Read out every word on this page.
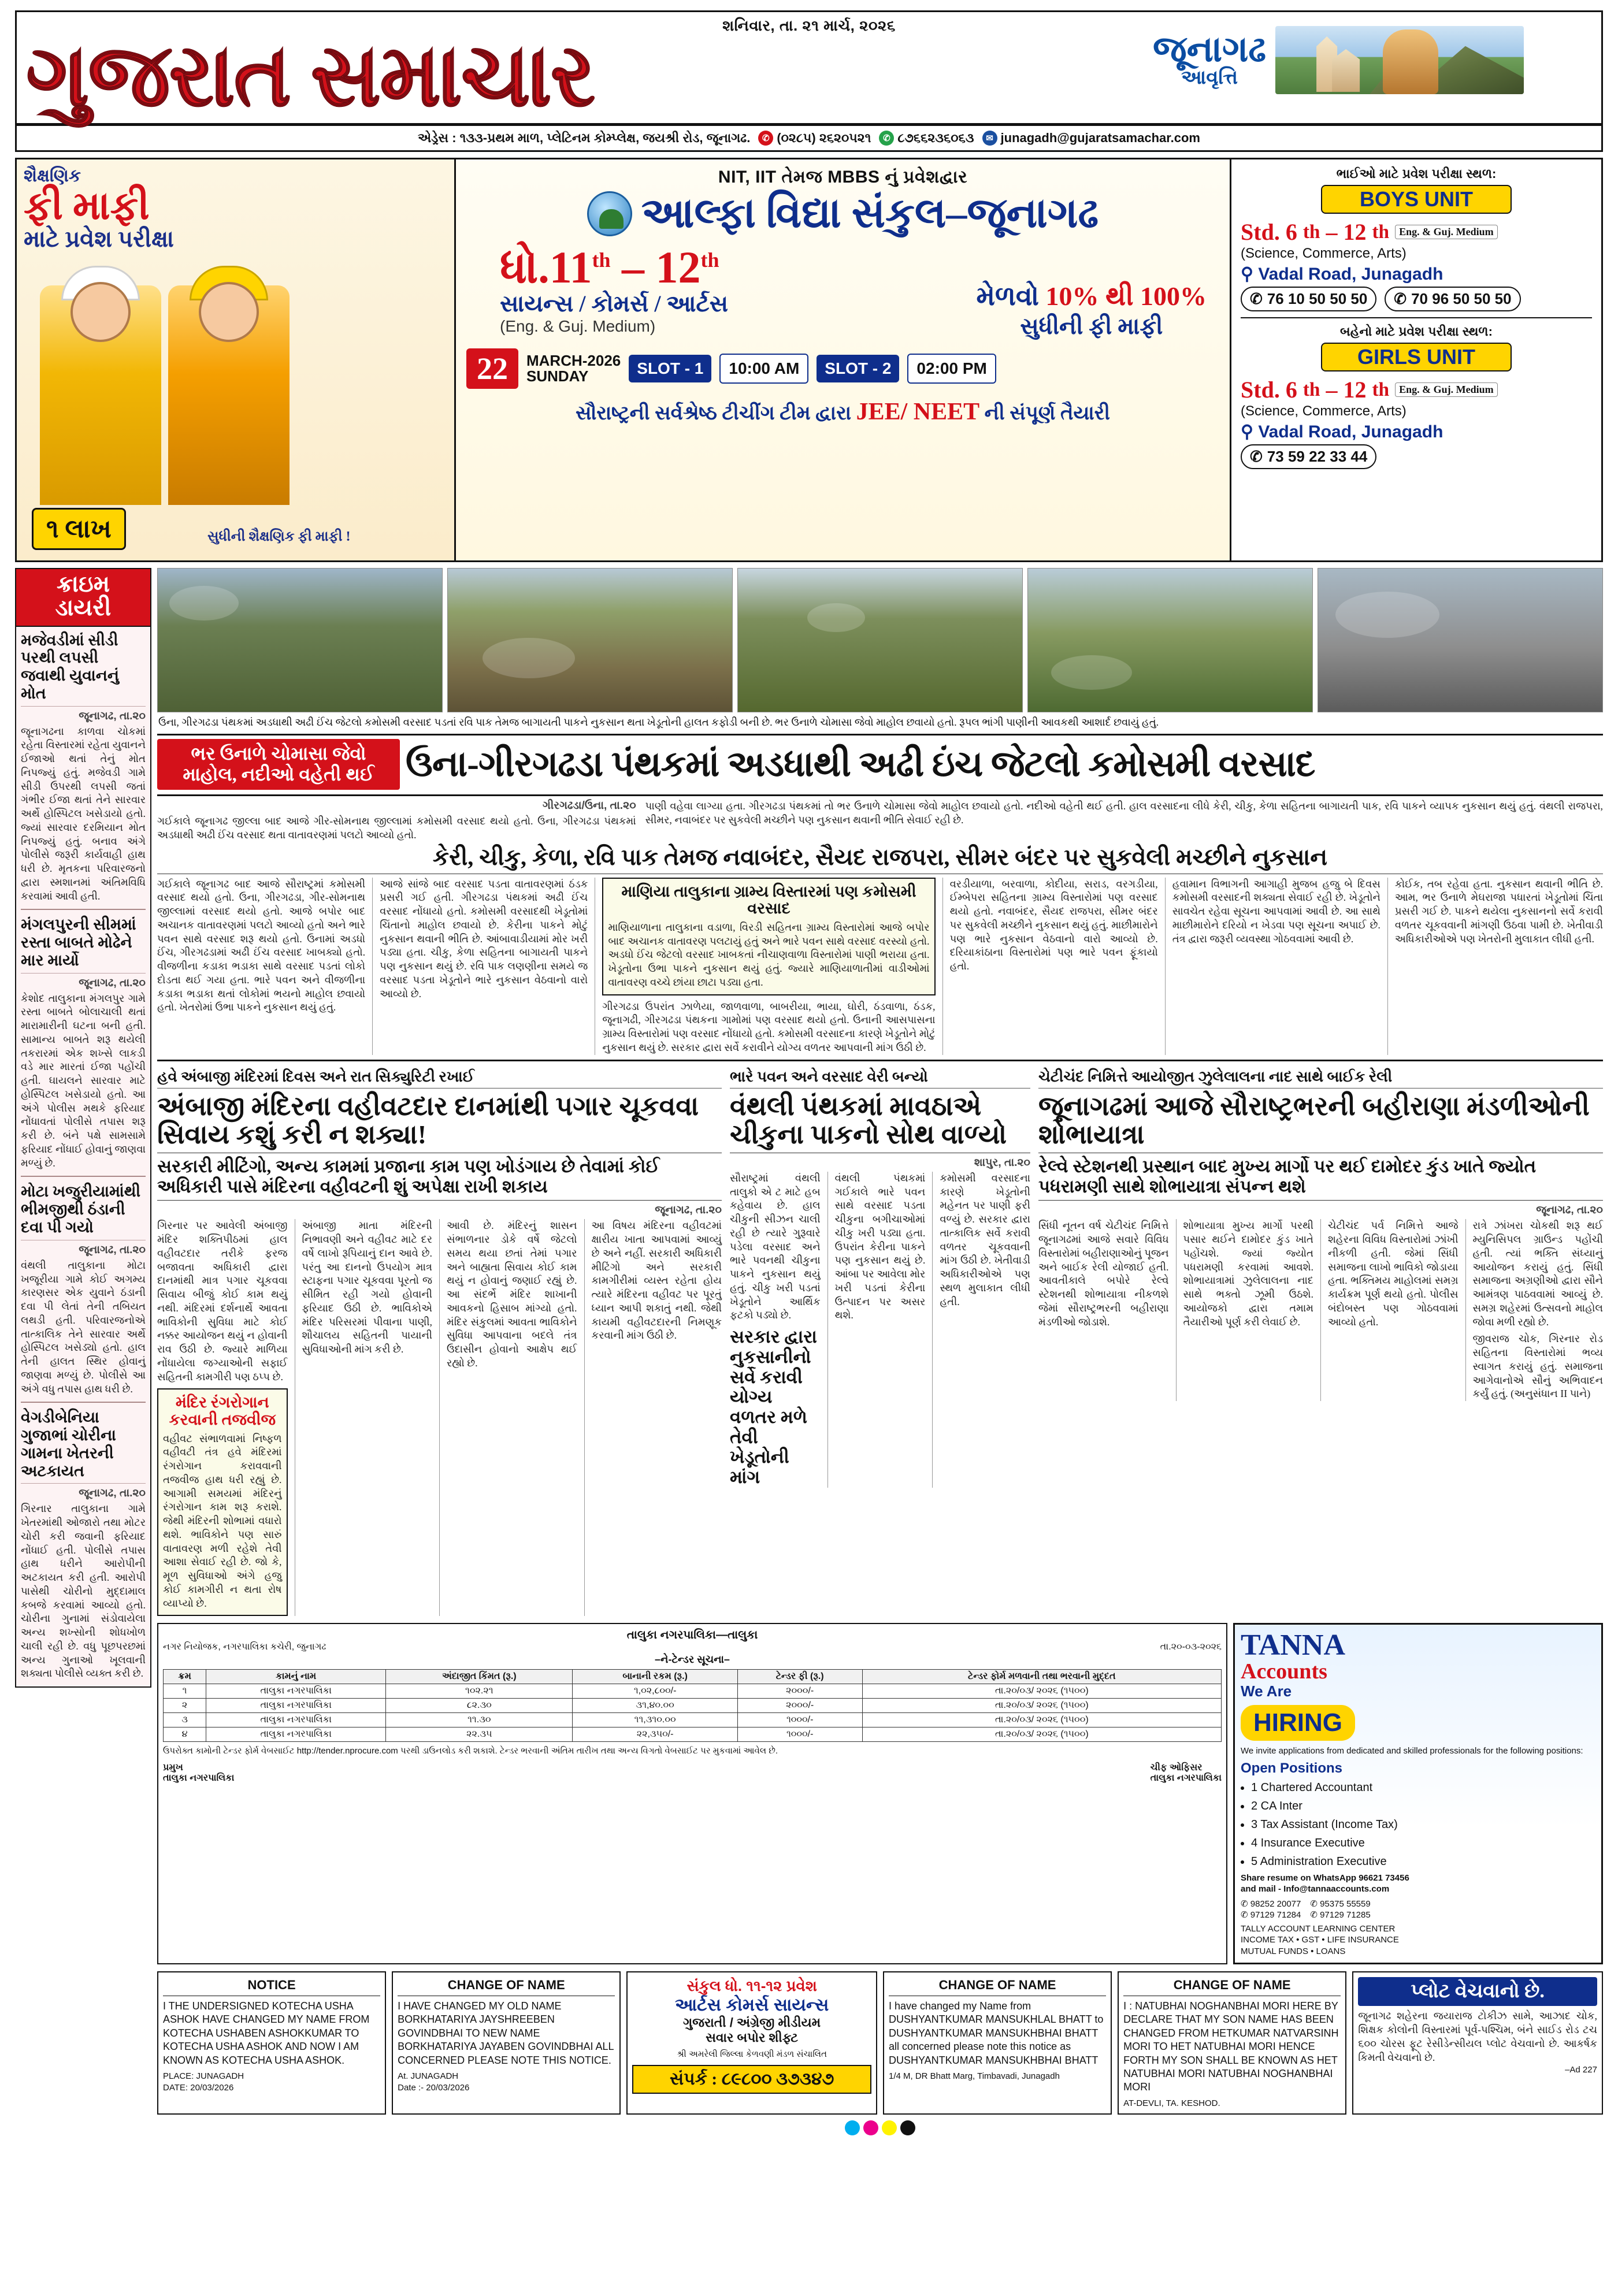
શનિવાર, તા. ૨૧ માર્ચ, ૨૦૨૬
ગુજરાત સમાચાર	જૂનાગઢ
આવૃત્તિ
એડ્રેસ : ૧૩૩-પ્રથમ માળ, પ્લેટિનમ કોમ્પ્લેક્ષ, જયશ્રી રોડ, જૂનાગઢ.	✆ (૦૨૮૫) ૨૬૨૦૫૨૧	✆ ૮૭૬૬૨૩૬૦૬૩	✉ junagadh@gujaratsamachar.com
શૈક્ષણિક
ફી માફી
માટે પ્રવેશ પરીક્ષા
૧ લાખ	સુધીની શૈક્ષણિક ફી માફી !
NIT, IIT તેમજ MBBS નું પ્રવેશદ્વાર
આલ્ફા વિદ્યા સંકુલ–જૂનાગઢ
ધો.11th – 12th
સાયન્સ / કોમર્સ / આર્ટસ
(Eng. & Guj. Medium)
મેળવો 10% થી 100%
સુધીની ફી માફી
22	MARCH-2026
SUNDAY	SLOT - 1	10:00 AM	SLOT - 2	02:00 PM
સૌરાષ્ટ્રની સર્વશ્રેષ્ઠ ટીચીંગ ટીમ દ્વારા JEE/ NEET ની સંપૂર્ણ તૈયારી
ભાઈઓ માટે પ્રવેશ પરીક્ષા સ્થળ:
BOYS UNIT
Std. 6 th – 12 th Eng. & Guj. Medium
(Science, Commerce, Arts)
⚲ Vadal Road, Junagadh
✆ 76 10 50 50 50 ✆ 70 96 50 50 50
બહેનો માટે પ્રવેશ પરીક્ષા સ્થળ:
GIRLS UNIT
Std. 6 th – 12 th Eng. & Guj. Medium
(Science, Commerce, Arts)
⚲ Vadal Road, Junagadh
✆ 73 59 22 33 44
ક્રાઇમ
ડાયરી
મજેવડીમાં સીડી પરથી લપસી જવાથી યુવાનનું મોત
જૂનાગઢ, તા.૨૦
જૂનાગઢના કાળવા ચોકમાં રહેતા વિસ્તારમાં રહેતા યુવાનને ઈજાઓ થતાં તેનું મોત નિપજ્યું હતું. મજેવડી ગામે સીડી ઉપરથી લપસી જતાં ગંભીર ઈજા થતાં તેને સારવાર અર્થે હોસ્પિટલ ખસેડાયો હતો. જ્યાં સારવાર દરમિયાન મોત નિપજ્યું હતું. બનાવ અંગે પોલીસે જરૂરી કાર્યવાહી હાથ ધરી છે. મૃતકના પરિવારજનો દ્વારા સ્મશાનમાં અંતિમવિધિ કરવામાં આવી હતી.
મંગલપુરની સીમમાં રસ્તા બાબતે મોઢેને માર માર્યો
જૂનાગઢ, તા.૨૦
કેશોદ તાલુકાના મંગલપુર ગામે રસ્તા બાબતે બોલાચાલી થતાં મારામારીની ઘટના બની હતી. સામાન્ય બાબતે શરૂ થયેલી તકરારમાં એક શખ્સે લાકડી વડે માર મારતાં ઈજા પહોંચી હતી. ઘાયલને સારવાર માટે હોસ્પિટલ ખસેડાયો હતો. આ અંગે પોલીસ મથકે ફરિયાદ નોંધાવતાં પોલીસે તપાસ શરૂ કરી છે. બંને પક્ષે સામસામે ફરિયાદ નોંધાઈ હોવાનું જાણવા મળ્યું છે.
મોટા ખજુરીયામાંથી ભીમજીથી ઠંડાની દવા પી ગયો
જૂનાગઢ, તા.૨૦
વંથલી તાલુકાના મોટા ખજૂરીયા ગામે કોઈ અગમ્ય કારણસર એક યુવાને ઠંડાની દવા પી લેતાં તેની તબિયત લથડી હતી. પરિવારજનોએ તાત્કાલિક તેને સારવાર અર્થે હોસ્પિટલ ખસેડ્યો હતો. હાલ તેની હાલત સ્થિર હોવાનું જાણવા મળ્યું છે. પોલીસે આ અંગે વધુ તપાસ હાથ ધરી છે.
વેગડીબેનિયા ગુજાભાં ચોરીના ગામના ખેતરની અટકાયત
જૂનાગઢ, તા.૨૦
ગિરનાર તાલુકાના ગામે ખેતરમાંથી ઓજારો તથા મોટર ચોરી કરી જવાની ફરિયાદ નોંધાઈ હતી. પોલીસે તપાસ હાથ ધરીને આરોપીની અટકાયત કરી હતી. આરોપી પાસેથી ચોરીનો મુદ્દામાલ કબજે કરવામાં આવ્યો હતો. ચોરીના ગુનામાં સંડોવાયેલા અન્ય શખ્સોની શોધખોળ ચાલી રહી છે. વધુ પૂછપરછમાં અન્ય ગુનાઓ ખૂલવાની શક્યતા પોલીસે વ્યક્ત કરી છે.
ઉના, ગીરગઢડા પંથકમાં અડધાથી અઢી ઈંચ જેટલો કમોસમી વરસાદ પડતાં રવિ પાક તેમજ બાગાયતી પાકને નુકસાન થતા ખેડૂતોની હાલત કફોડી બની છે. ભર ઉનાળે ચોમાસા જેવો માહોલ છવાયો હતો. રૂપલ ભાંગી પાણીની આવકથી આશાર્દ છવાયું હતું.
ભર ઉનાળે ચોમાસા જેવો માહોલ, નદીઓ વહેતી થઈ ઉના-ગીરગઢડા પંથકમાં અડધાથી અઢી ઇંચ જેટલો કમોસમી વરસાદ
ગીરગઢડા/ઉના, તા.૨૦
ગઈકાલે જૂનાગઢ જીલ્લા બાદ આજે ગીર-સોમનાથ જીલ્લામાં કમોસમી વરસાદ થયો હતો. ઉના, ગીરગઢડા પંથકમાં અડધાથી અઢી ઈંચ વરસાદ થતા વાતાવરણમાં પલટો આવ્યો હતો.
પાણી વહેવા લાગ્યા હતા. ગીરગઢડા પંથકમાં તો ભર ઉનાળે ચોમાસા જેવો માહોલ છવાયો હતો. નદીઓ વહેતી થઈ હતી. હાલ વરસાદના લીધે કેરી, ચીકુ, કેળા સહિતના બાગાયતી પાક, રવિ પાકને વ્યાપક નુકસાન થયું હતું. વંથલી રાજપરા, સીમર, નવાબંદર પર સુકવેલી મચ્છીને પણ નુકસાન થવાની ભીતિ સેવાઈ રહી છે.
કેરી, ચીકુ, કેળા, રવિ પાક તેમજ નવાબંદર, સૈયદ રાજપરા, સીમર બંદર પર સુકવેલી મચ્છીને નુકસાન
ગઈકાલે જૂનાગઢ બાદ આજે સૌરાષ્ટ્રમાં કમોસમી વરસાદ થયો હતો. ઉના, ગીરગઢડા, ગીર-સોમનાથ જીલ્લામાં વરસાદ થયો હતો. આજે બપોર બાદ અચાનક વાતાવરણમાં પલટો આવ્યો હતો અને ભારે પવન સાથે વરસાદ શરૂ થયો હતો. ઉનામાં અડધો ઈંચ, ગીરગઢડામાં અઢી ઈંચ વરસાદ ખાબક્યો હતો. વીજળીના કડાકા ભડાકા સાથે વરસાદ પડતાં લોકો દોડતા થઈ ગયા હતા. ભારે પવન અને વીજળીના કડાકા ભડાકા થતાં લોકોમાં ભયનો માહોલ છવાયો હતો. ખેતરોમાં ઉભા પાકને નુકસાન થયું હતું.
આજે સાંજે બાદ વરસાદ પડતા વાતાવરણમાં ઠંડક પ્રસરી ગઈ હતી. ગીરગઢડા પંથકમાં અઢી ઈંચ વરસાદ નોંધાયો હતો. કમોસમી વરસાદથી ખેડૂતોમાં ચિંતાનો માહોલ છવાયો છે. કેરીના પાકને મોટું નુકસાન થવાની ભીતિ છે. આંબાવાડીયામાં મોર ખરી પડ્યા હતા. ચીકુ, કેળા સહિતના બાગાયતી પાકને પણ નુકસાન થયું છે. રવિ પાક લણણીના સમયે જ વરસાદ પડતા ખેડૂતોને ભારે નુકસાન વેઠવાનો વારો આવ્યો છે.
માણિયા તાલુકાના ગ્રામ્ય વિસ્તારમાં પણ કમોસમી વરસાદ
માણિયાળાના તાલુકાના વડાળા, વિરડી સહિતના ગ્રામ્ય વિસ્તારોમાં આજે બપોર બાદ અચાનક વાતાવરણ પલટાયું હતું અને ભારે પવન સાથે વરસાદ વરસ્યો હતો. અડધો ઈંચ જેટલો વરસાદ ખાબકતાં નીચાણવાળા વિસ્તારોમાં પાણી ભરાયા હતા. ખેડૂતોના ઉભા પાકને નુકસાન થયું હતું. જ્યારે માણિયાળાતીમાં વાડીઓમાં વાતાવરણ વચ્ચે છાંયા છાટા પડ્યા હતા.
ગીરગઢડા ઉપરાંત ઝાળેયા, જાળવાળા, બાબરીયા, ભાયા, ઘોરી, ઠંડવાળા, ઠંડક, જૂનાગઢી, ગીરગઢડા પંથકના ગામોમાં પણ વરસાદ થયો હતો. ઉનાની આસપાસના ગ્રામ્ય વિસ્તારોમાં પણ વરસાદ નોંધાયો હતો. કમોસમી વરસાદના કારણે ખેડૂતોને મોટું નુકસાન થયું છે. સરકાર દ્વારા સર્વે કરાવીને યોગ્ય વળતર આપવાની માંગ ઉઠી છે.
વરડીયાળા, બરવાળા, કોદીયા, સરાડ, વરગડીયા, ઈમ્બેપરા સહિતના ગ્રામ્ય વિસ્તારોમાં પણ વરસાદ થયો હતો. નવાબંદર, સૈયદ રાજપરા, સીમર બંદર પર સુકવેલી મચ્છીને નુકસાન થયું હતું. માછીમારોને પણ ભારે નુકસાન વેઠવાનો વારો આવ્યો છે. દરિયાકાંઠાના વિસ્તારોમાં પણ ભારે પવન ફૂંકાયો હતો.
હવામાન વિભાગની આગાહી મુજબ હજુ બે દિવસ કમોસમી વરસાદની શક્યતા સેવાઈ રહી છે. ખેડૂતોને સાવચેત રહેવા સૂચના આપવામાં આવી છે. આ સાથે માછીમારોને દરિયો ન ખેડવા પણ સૂચના અપાઈ છે. તંત્ર દ્વારા જરૂરી વ્યવસ્થા ગોઠવવામાં આવી છે.
કોઈક, તબ રહેવા હતા. નુકસાન થવાની ભીતિ છે. આમ, ભર ઉનાળે મેઘરાજા પધારતાં ખેડૂતોમાં ચિંતા પ્રસરી ગઈ છે. પાકને થયેલા નુકસાનનો સર્વે કરાવી વળતર ચૂકવવાની માંગણી ઉઠવા પામી છે. ખેતીવાડી અધિકારીઓએ પણ ખેતરોની મુલાકાત લીધી હતી.
હવે અંબાજી મંદિરમાં દિવસ અને રાત સિક્યુરિટી રખાઈ
અંબાજી મંદિરના વહીવટદાર દાનમાંથી પગાર ચૂકવવા સિવાય કશું કરી ન શક્યા!
સરકારી મીટિંગો, અન્ય કામમાં પ્રજાના કામ પણ ખોડંગાય છે તેવામાં કોઈ અધિકારી પાસે મંદિરના વહીવટની શું અપેક્ષા રાખી શકાય
જૂનાગઢ, તા.૨૦
ગિરનાર પર આવેલી અંબાજી મંદિર શક્તિપીઠમાં હાલ વહીવટદાર તરીકે ફરજ બજાવતા અધિકારી દ્વારા દાનમાંથી માત્ર પગાર ચૂકવવા સિવાય બીજું કોઈ કામ થયું નથી. મંદિરમાં દર્શનાર્થે આવતા ભાવિકોની સુવિધા માટે કોઈ નક્કર આયોજન થયું ન હોવાની રાવ ઉઠી છે. જ્યારે માળિયા નોંધાયેલા જગ્યાઓની સફાઈ સહિતની કામગીરી પણ ઠપ્પ છે.
મંદિર રંગરોગાન કરવાની તજવીજ
વહીવટ સંભાળવામાં નિષ્ફળ વહીવટી તંત્ર હવે મંદિરમાં રંગરોગાન કરાવવાની તજવીજ હાથ ધરી રહ્યું છે. આગામી સમયમાં મંદિરનું રંગરોગાન કામ શરૂ કરાશે. જેથી મંદિરની શોભામાં વધારો થશે. ભાવિકોને પણ સારું વાતાવરણ મળી રહેશે તેવી આશા સેવાઈ રહી છે. જો કે, મૂળ સુવિધાઓ અંગે હજુ કોઈ કામગીરી ન થતા રોષ વ્યાપ્યો છે.
અંબાજી માતા મંદિરની નિભાવણી અને વહીવટ માટે દર વર્ષે લાખો રૂપિયાનું દાન આવે છે. પરંતુ આ દાનનો ઉપયોગ માત્ર સ્ટાફના પગાર ચૂકવવા પૂરતો જ સીમિત રહી ગયો હોવાની ફરિયાદ ઉઠી છે. ભાવિકોએ મંદિર પરિસરમાં પીવાના પાણી, શૌચાલય સહિતની પાયાની સુવિધાઓની માંગ કરી છે.
આવી છે. મંદિરનું શાસન સંભાળનાર ડોકે વર્ષે જેટલો સમય થયા છતાં તેમાં પગાર અને બાહ્યતા સિવાય કોઈ કામ થયું ન હોવાનું જણાઈ રહ્યું છે. આ સંદર્ભે મંદિર શાખાની આવકનો હિસાબ માંગ્યો હતો. મંદિર સંકુલમાં આવતા ભાવિકોને સુવિધા આપવાના બદલે તંત્ર ઉદાસીન હોવાનો આક્ષેપ થઈ રહ્યો છે.
આ વિષય મંદિરના વહીવટમાં ક્ષારીય ખાતા આપવામાં આવ્યું છે અને નહીં. સરકારી અધિકારી મીટિંગો અને સરકારી કામગીરીમાં વ્યસ્ત રહેતા હોય ત્યારે મંદિરના વહીવટ પર પૂરતું ધ્યાન આપી શકાતું નથી. જેથી કાયમી વહીવટદારની નિમણૂક કરવાની માંગ ઉઠી છે.
ભારે પવન અને વરસાદ વેરી બન્યો
વંથલી પંથકમાં માવઠાએ ચીકુના પાકનો સોથ વાળ્યો
શાપુર, તા.૨૦
સૌરાષ્ટ્રમાં વંથલી તાલુકો એ ટ માટે હબ કહેવાય છે. હાલ ચીકુની સીઝન ચાલી રહી છે ત્યારે ગુરૂવારે પડેલા વરસાદ અને ભારે પવનથી ચીકુના પાકને નુકસાન થયું હતું. ચીકુ ખરી પડતાં ખેડૂતોને આર્થિક ફટકો પડ્યો છે.
સરકાર દ્વારા નુકસાનીનો સર્વે કરાવી યોગ્ય વળતર મળે તેવી ખેડૂતોની માંગ
વંથલી પંથકમાં ગઈકાલે ભારે પવન સાથે વરસાદ પડતા ચીકુના બગીચાઓમાં ચીકુ ખરી પડ્યા હતા. ઉપરાંત કેરીના પાકને પણ નુકસાન થયું છે. આંબા પર આવેલા મોર ખરી પડતાં કેરીના ઉત્પાદન પર અસર થશે.
કમોસમી વરસાદના કારણે ખેડૂતોની મહેનત પર પાણી ફરી વળ્યું છે. સરકાર દ્વારા તાત્કાલિક સર્વે કરાવી વળતર ચૂકવવાની માંગ ઉઠી છે. ખેતીવાડી અધિકારીઓએ પણ સ્થળ મુલાકાત લીધી હતી.
ચેટીચંદ નિમિત્તે આયોજીત ઝુલેલાલના નાદ સાથે બાઈક રેલી
જૂનાગઢમાં આજે સૌરાષ્ટ્રભરની બહીરાણા મંડળીઓની શોભાયાત્રા
રેલ્વે સ્ટેશનથી પ્રસ્થાન બાદ મુખ્ય માર્ગો પર થઈ દામોદર કુંડ ખાતે જ્યોત પધરામણી સાથે શોભાયાત્રા સંપન્ન થશે
જૂનાગઢ, તા.૨૦
સિંધી નૂતન વર્ષ ચેટીચંદ નિમિત્તે જૂનાગઢમાં આજે સવારે વિવિધ વિસ્તારોમાં બહીરાણાઓનું પૂજન અને બાઈક રેલી યોજાઈ હતી. આવતીકાલે બપોરે રેલ્વે સ્ટેશનથી શોભાયાત્રા નીકળશે જેમાં સૌરાષ્ટ્રભરની બહીરાણા મંડળીઓ જોડાશે.
શોભાયાત્રા મુખ્ય માર્ગો પરથી પસાર થઈને દામોદર કુંડ ખાતે પહોંચશે. જ્યાં જ્યોત પધરામણી કરવામાં આવશે. શોભાયાત્રામાં ઝુલેલાલના નાદ સાથે ભક્તો ઝૂમી ઉઠશે. આયોજકો દ્વારા તમામ તૈયારીઓ પૂર્ણ કરી લેવાઈ છે.
ચેટીચંદ પર્વ નિમિત્તે આજે શહેરના વિવિધ વિસ્તારોમાં ઝાંખી નીકળી હતી. જેમાં સિંધી સમાજના લાખો ભાવિકો જોડાયા હતા. ભક્તિમય માહોલમાં સમગ્ર કાર્યક્રમ પૂર્ણ થયો હતો. પોલીસ બંદોબસ્ત પણ ગોઠવવામાં આવ્યો હતો.
રાત્રે ઝાંખરા ચોકથી શરૂ થઈ મ્યુનિસિપલ ગ્રાઉન્ડ પહોંચી હતી. ત્યાં ભક્તિ સંધ્યાનું આયોજન કરાયું હતું. સિંધી સમાજના અગ્રણીઓ દ્વારા સૌને આમંત્રણ પાઠવવામાં આવ્યું છે. સમગ્ર શહેરમાં ઉત્સવનો માહોલ જોવા મળી રહ્યો છે.
જીવરાજ ચોક, ગિરનાર રોડ સહિતના વિસ્તારોમાં ભવ્ય સ્વાગત કરાયું હતું. સમાજના આગેવાનોએ સૌનું અભિવાદન કર્યું હતું. (અનુસંધાન II પાને)
તાલુકા નગરપાલિકા—તાલુકા
નગર નિયોજક, નગરપાલિકા કચેરી, જુનાગઢ	તા.૨૦-૦૩-૨૦૨૬
–ને-ટેન્ડર સૂચના–
ક્રમ	કામનું નામ	અંદાજીત કિંમત (રૂ.)	બાનાની રકમ (રૂ.)	ટેન્ડર ફી (રૂ.)	ટેન્ડર ફોર્મ મળવાની તથા ભરવાની મુદ્દત
૧	તાલુકા નગરપાલિકા	૧૦૨.૨૧	૧,૦૨,૮૦૦/-	૨૦૦૦/-	તા.૨૦/૦૩/ ૨૦૨૬ (૧૫૦૦)
૨	તાલુકા નગરપાલિકા	૮૨.૩૦	૩૧,૪૦.૦૦	૨૦૦૦/-	તા.૨૦/૦૩/ ૨૦૨૬ (૧૫૦૦)
૩	તાલુકા નગરપાલિકા	૧૧.૩૦	૧૧,૩૧૦.૦૦	૧૦૦૦/-	તા.૨૦/૦૩/ ૨૦૨૬ (૧૫૦૦)
૪	તાલુકા નગરપાલિકા	૨૨.૩૫	૨૨,૩૫૦/-	૧૦૦૦/-	તા.૨૦/૦૩/ ૨૦૨૬ (૧૫૦૦)
ઉપરોક્ત કામોની ટેન્ડર ફોર્મ વેબસાઈટ http://tender.nprocure.com પરથી ડાઉનલોડ કરી શકાશે. ટેન્ડર ભરવાની અંતિમ તારીખ તથા અન્ય વિગતો વેબસાઈટ પર મુકવામાં આવેલ છે.
પ્રમુખ
તાલુકા નગરપાલિકા
ચીફ ઓફિસર
તાલુકા નગરપાલિકા
TANNA
Accounts
We Are
HIRING
We invite applications from dedicated and skilled professionals for the following positions:
Open Positions
• 1 Chartered Accountant
• 2 CA Inter
• 3 Tax Assistant (Income Tax)
• 4 Insurance Executive
• 5 Administration Executive
Share resume on WhatsApp 96621 73456
and mail - Info@tannaaccounts.com
✆ 98252 20077 ✆ 95375 55559
✆ 97129 71284 ✆ 97129 71285
TALLY ACCOUNT LEARNING CENTER
INCOME TAX • GST • LIFE INSURANCE
MUTUAL FUNDS • LOANS
NOTICE
I THE UNDERSIGNED KOTECHA USHA ASHOK HAVE CHANGED MY NAME FROM KOTECHA USHABEN ASHOKKUMAR TO KOTECHA USHA ASHOK AND NOW I AM KNOWN AS KOTECHA USHA ASHOK.
PLACE: JUNAGADH
DATE: 20/03/2026
CHANGE OF NAME
I HAVE CHANGED MY OLD NAME BORKHATARIYA JAYSHREEBEN GOVINDBHAI TO NEW NAME BORKHATARIYA JAYABEN GOVINDBHAI ALL CONCERNED PLEASE NOTE THIS NOTICE.
At. JUNAGADH
Date :- 20/03/2026
સંકુલ ધો. ૧૧-૧૨ પ્રવેશ
આર્ટસ કોમર્સ સાયન્સ
ગુજરાતી / અંગ્રેજી મીડીયમ
સવાર બપોર શીફ્ટ
શ્રી અમરેલી જિલ્લા કેળવણી મંડળ સંચાલિત
સંપર્ક : ૮૯૮૦૦ ૩૭૩૪૭
CHANGE OF NAME
I have changed my Name from DUSHYANTKUMAR MANSUKHLAL BHATT to DUSHYANTKUMAR MANSUKHBHAI BHATT all concerned please note this notice as DUSHYANTKUMAR MANSUKHBHAI BHATT
1/4 M, DR Bhatt Marg, Timbavadi, Junagadh
CHANGE OF NAME
I : NATUBHAI NOGHANBHAI MORI HERE BY DECLARE THAT MY SON NAME HAS BEEN CHANGED FROM HETKUMAR NATVARSINH MORI TO HET NATUBHAI MORI HENCE FORTH MY SON SHALL BE KNOWN AS HET NATUBHAI MORI NATUBHAI NOGHANBHAI MORI
AT-DEVLI, TA. KESHOD.
પ્લોટ વેચવાનો છે.
જૂનાગઢ શહેરના જયારાજ ટોકીઝ સામે, આઝાદ ચોક, શિક્ષક કોલોની વિસ્તારમાં પૂર્વ-પશ્ચિમ, બંને સાઈડ રોડ ટચ ૬૦૦ ચોરસ ફૂટ રેસીડેન્સીયલ પ્લોટ વેચવાનો છે. આકર્ષક કિમતી વેચવાનો છે.
–Ad 227
